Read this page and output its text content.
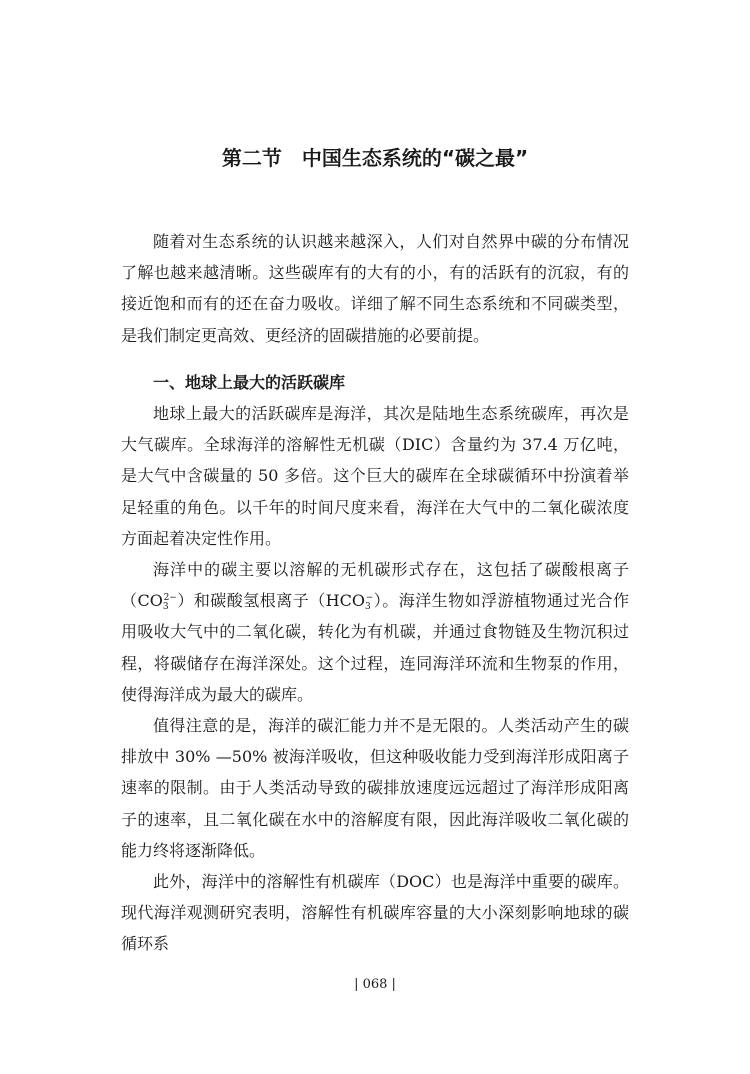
第二节　中国生态系统的“碳之最”

随着对生态系统的认识越来越深入，人们对自然界中碳的分布情况了解也越来越清晰。这些碳库有的大有的小，有的活跃有的沉寂，有的接近饱和而有的还在奋力吸收。详细了解不同生态系统和不同碳类型，是我们制定更高效、更经济的固碳措施的必要前提。

一、地球上最大的活跃碳库

地球上最大的活跃碳库是海洋，其次是陆地生态系统碳库，再次是大气碳库。全球海洋的溶解性无机碳（DIC）含量约为 37.4 万亿吨，是大气中含碳量的 50 多倍。这个巨大的碳库在全球碳循环中扮演着举足轻重的角色。以千年的时间尺度来看，海洋在大气中的二氧化碳浓度方面起着决定性作用。

海洋中的碳主要以溶解的无机碳形式存在，这包括了碳酸根离子$(CO3^{2-})$和碳酸氢根离子（HCO3−）。海洋生物如浮游植物通过光合作用吸收大气中的二氧化碳，转化为有机碳，并通过食物链及生物沉积过程，将碳储存在海洋深处。这个过程，连同海洋环流和生物泵的作用，使得海洋成为最大的碳库。

值得注意的是，海洋的碳汇能力并不是无限的。人类活动产生的碳排放中 30% —50% 被海洋吸收，但这种吸收能力受到海洋形成阳离子速率的限制。由于人类活动导致的碳排放速度远远超过了海洋形成阳离子的速率，且二氧化碳在水中的溶解度有限，因此海洋吸收二氧化碳的能力终将逐渐降低。

此外，海洋中的溶解性有机碳库（DOC）也是海洋中重要的碳库。现代海洋观测研究表明，溶解性有机碳库容量的大小深刻影响地球的碳循环系

| 068 |
